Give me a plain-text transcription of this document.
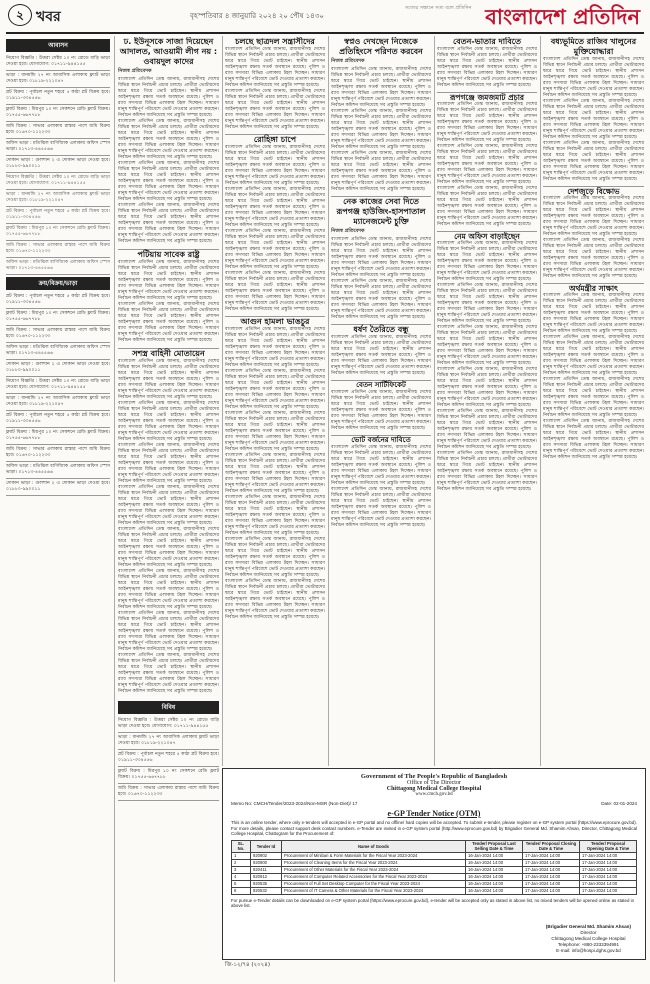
২ খবর	বৃহস্পতিবার ৪ জানুয়ারি ২০২৪ ২০ পৌষ ১৪৩০
সত্যের সন্ধানে সত্য বলে প্রতিদিন বাংলাদেশ প্রতিদিন
আবাসন
নিয়োগ বিজ্ঞপ্তি : উত্তরা সেক্টর ১০ নং রোডে বাড়ি ভাড়া দেওয়া হবে। যোগাযোগ: ০১৭১১-৯৪৪১৫৫
ভাড়া : ধানমন্ডি ২৭ নং আবাসিক এলাকায় ফ্ল্যাট ভাড়া দেওয়া হবে। ০১৮১৯-২২১০৪৭
প্লট বিক্রয় : পূর্বাচল নতুন শহরে ৫ কাঠা প্লট বিক্রয় হবে। ০১৯১১-৩৩৪৫৫৬
ফ্ল্যাট বিক্রয় : মিরপুর ১০ নং সেকশনে রেডি ফ্ল্যাট বিক্রয়। ০১৭৫৫-৬৬৭৭৮৮
জমি বিক্রয় : সাভার এলাকায় রাস্তার পাশে জমি বিক্রয় হবে। ০১৬৭০-১১২২৩৩
অফিস ভাড়া : মতিঝিল বাণিজ্যিক এলাকায় অফিস স্পেস ভাড়া। ০১৭১৩-৪৪৫৫৬৬
দোকান ভাড়া : গুলশান ২ এ দোকান ভাড়া দেওয়া হবে। ০১৮৮০-৯৯০০১১
নিয়োগ বিজ্ঞপ্তি : উত্তরা সেক্টর ১০ নং রোডে বাড়ি ভাড়া দেওয়া হবে। যোগাযোগ: ০১৭১১-৯৪৪১৫৫
ভাড়া : ধানমন্ডি ২৭ নং আবাসিক এলাকায় ফ্ল্যাট ভাড়া দেওয়া হবে। ০১৮১৯-২২১০৪৭
প্লট বিক্রয় : পূর্বাচল নতুন শহরে ৫ কাঠা প্লট বিক্রয় হবে। ০১৯১১-৩৩৪৫৫৬
ফ্ল্যাট বিক্রয় : মিরপুর ১০ নং সেকশনে রেডি ফ্ল্যাট বিক্রয়। ০১৭৫৫-৬৬৭৭৮৮
জমি বিক্রয় : সাভার এলাকায় রাস্তার পাশে জমি বিক্রয় হবে। ০১৬৭০-১১২২৩৩
অফিস ভাড়া : মতিঝিল বাণিজ্যিক এলাকায় অফিস স্পেস ভাড়া। ০১৭১৩-৪৪৫৫৬৬
ক্রয়/বিক্রয়/ভাড়া
প্লট বিক্রয় : পূর্বাচল নতুন শহরে ৫ কাঠা প্লট বিক্রয় হবে। ০১৯১১-৩৩৪৫৫৬
ফ্ল্যাট বিক্রয় : মিরপুর ১০ নং সেকশনে রেডি ফ্ল্যাট বিক্রয়। ০১৭৫৫-৬৬৭৭৮৮
জমি বিক্রয় : সাভার এলাকায় রাস্তার পাশে জমি বিক্রয় হবে। ০১৬৭০-১১২২৩৩
অফিস ভাড়া : মতিঝিল বাণিজ্যিক এলাকায় অফিস স্পেস ভাড়া। ০১৭১৩-৪৪৫৫৬৬
দোকান ভাড়া : গুলশান ২ এ দোকান ভাড়া দেওয়া হবে। ০১৮৮০-৯৯০০১১
নিয়োগ বিজ্ঞপ্তি : উত্তরা সেক্টর ১০ নং রোডে বাড়ি ভাড়া দেওয়া হবে। যোগাযোগ: ০১৭১১-৯৪৪১৫৫
ভাড়া : ধানমন্ডি ২৭ নং আবাসিক এলাকায় ফ্ল্যাট ভাড়া দেওয়া হবে। ০১৮১৯-২২১০৪৭
প্লট বিক্রয় : পূর্বাচল নতুন শহরে ৫ কাঠা প্লট বিক্রয় হবে। ০১৯১১-৩৩৪৫৫৬
ফ্ল্যাট বিক্রয় : মিরপুর ১০ নং সেকশনে রেডি ফ্ল্যাট বিক্রয়। ০১৭৫৫-৬৬৭৭৮৮
জমি বিক্রয় : সাভার এলাকায় রাস্তার পাশে জমি বিক্রয় হবে। ০১৬৭০-১১২২৩৩
অফিস ভাড়া : মতিঝিল বাণিজ্যিক এলাকায় অফিস স্পেস ভাড়া। ০১৭১৩-৪৪৫৫৬৬
দোকান ভাড়া : গুলশান ২ এ দোকান ভাড়া দেওয়া হবে। ০১৮৮০-৯৯০০১১
ঢ. ইউনূসকে সাজা দিয়েছেন আদালত, আওয়ামী লীগ নয় : ওবায়দুল কাদের
নিজস্ব প্রতিবেদক
বাংলাদেশ প্রতিদিন ডেস্ক জানায়, রাজধানীসহ দেশের বিভিন্ন স্থানে নির্বাচনী প্রচার চলছে। প্রার্থীরা ভোটারদের দ্বারে দ্বারে গিয়ে ভোট চাইছেন। স্থানীয় প্রশাসন আইনশৃঙ্খলা রক্ষায় সতর্ক অবস্থানে রয়েছে। পুলিশ ও র‍্যাব সদস্যরা বিভিন্ন এলাকায় টহল দিচ্ছেন। সাধারণ মানুষ শান্তিপূর্ণ পরিবেশে ভোট দেওয়ার প্রত্যাশা করছেন। নির্বাচন কমিশন জানিয়েছে সব প্রস্তুতি সম্পন্ন হয়েছে।
বাংলাদেশ প্রতিদিন ডেস্ক জানায়, রাজধানীসহ দেশের বিভিন্ন স্থানে নির্বাচনী প্রচার চলছে। প্রার্থীরা ভোটারদের দ্বারে দ্বারে গিয়ে ভোট চাইছেন। স্থানীয় প্রশাসন আইনশৃঙ্খলা রক্ষায় সতর্ক অবস্থানে রয়েছে। পুলিশ ও র‍্যাব সদস্যরা বিভিন্ন এলাকায় টহল দিচ্ছেন। সাধারণ মানুষ শান্তিপূর্ণ পরিবেশে ভোট দেওয়ার প্রত্যাশা করছেন। নির্বাচন কমিশন জানিয়েছে সব প্রস্তুতি সম্পন্ন হয়েছে।
বাংলাদেশ প্রতিদিন ডেস্ক জানায়, রাজধানীসহ দেশের বিভিন্ন স্থানে নির্বাচনী প্রচার চলছে। প্রার্থীরা ভোটারদের দ্বারে দ্বারে গিয়ে ভোট চাইছেন। স্থানীয় প্রশাসন আইনশৃঙ্খলা রক্ষায় সতর্ক অবস্থানে রয়েছে। পুলিশ ও র‍্যাব সদস্যরা বিভিন্ন এলাকায় টহল দিচ্ছেন। সাধারণ মানুষ শান্তিপূর্ণ পরিবেশে ভোট দেওয়ার প্রত্যাশা করছেন। নির্বাচন কমিশন জানিয়েছে সব প্রস্তুতি সম্পন্ন হয়েছে।
বাংলাদেশ প্রতিদিন ডেস্ক জানায়, রাজধানীসহ দেশের বিভিন্ন স্থানে নির্বাচনী প্রচার চলছে। প্রার্থীরা ভোটারদের দ্বারে দ্বারে গিয়ে ভোট চাইছেন। স্থানীয় প্রশাসন আইনশৃঙ্খলা রক্ষায় সতর্ক অবস্থানে রয়েছে। পুলিশ ও র‍্যাব সদস্যরা বিভিন্ন এলাকায় টহল দিচ্ছেন। সাধারণ মানুষ শান্তিপূর্ণ পরিবেশে ভোট দেওয়ার প্রত্যাশা করছেন। নির্বাচন কমিশন জানিয়েছে সব প্রস্তুতি সম্পন্ন হয়েছে।
পটিয়ায় সাবেক রাষ্ট্র
বাংলাদেশ প্রতিদিন ডেস্ক জানায়, রাজধানীসহ দেশের বিভিন্ন স্থানে নির্বাচনী প্রচার চলছে। প্রার্থীরা ভোটারদের দ্বারে দ্বারে গিয়ে ভোট চাইছেন। স্থানীয় প্রশাসন আইনশৃঙ্খলা রক্ষায় সতর্ক অবস্থানে রয়েছে। পুলিশ ও র‍্যাব সদস্যরা বিভিন্ন এলাকায় টহল দিচ্ছেন। সাধারণ মানুষ শান্তিপূর্ণ পরিবেশে ভোট দেওয়ার প্রত্যাশা করছেন। নির্বাচন কমিশন জানিয়েছে সব প্রস্তুতি সম্পন্ন হয়েছে।
বাংলাদেশ প্রতিদিন ডেস্ক জানায়, রাজধানীসহ দেশের বিভিন্ন স্থানে নির্বাচনী প্রচার চলছে। প্রার্থীরা ভোটারদের দ্বারে দ্বারে গিয়ে ভোট চাইছেন। স্থানীয় প্রশাসন আইনশৃঙ্খলা রক্ষায় সতর্ক অবস্থানে রয়েছে। পুলিশ ও র‍্যাব সদস্যরা বিভিন্ন এলাকায় টহল দিচ্ছেন। সাধারণ মানুষ শান্তিপূর্ণ পরিবেশে ভোট দেওয়ার প্রত্যাশা করছেন। নির্বাচন কমিশন জানিয়েছে সব প্রস্তুতি সম্পন্ন হয়েছে।
সশস্ত্র বাহিনী মোতায়েন
বাংলাদেশ প্রতিদিন ডেস্ক জানায়, রাজধানীসহ দেশের বিভিন্ন স্থানে নির্বাচনী প্রচার চলছে। প্রার্থীরা ভোটারদের দ্বারে দ্বারে গিয়ে ভোট চাইছেন। স্থানীয় প্রশাসন আইনশৃঙ্খলা রক্ষায় সতর্ক অবস্থানে রয়েছে। পুলিশ ও র‍্যাব সদস্যরা বিভিন্ন এলাকায় টহল দিচ্ছেন। সাধারণ মানুষ শান্তিপূর্ণ পরিবেশে ভোট দেওয়ার প্রত্যাশা করছেন। নির্বাচন কমিশন জানিয়েছে সব প্রস্তুতি সম্পন্ন হয়েছে।
বাংলাদেশ প্রতিদিন ডেস্ক জানায়, রাজধানীসহ দেশের বিভিন্ন স্থানে নির্বাচনী প্রচার চলছে। প্রার্থীরা ভোটারদের দ্বারে দ্বারে গিয়ে ভোট চাইছেন। স্থানীয় প্রশাসন আইনশৃঙ্খলা রক্ষায় সতর্ক অবস্থানে রয়েছে। পুলিশ ও র‍্যাব সদস্যরা বিভিন্ন এলাকায় টহল দিচ্ছেন। সাধারণ মানুষ শান্তিপূর্ণ পরিবেশে ভোট দেওয়ার প্রত্যাশা করছেন। নির্বাচন কমিশন জানিয়েছে সব প্রস্তুতি সম্পন্ন হয়েছে।
বাংলাদেশ প্রতিদিন ডেস্ক জানায়, রাজধানীসহ দেশের বিভিন্ন স্থানে নির্বাচনী প্রচার চলছে। প্রার্থীরা ভোটারদের দ্বারে দ্বারে গিয়ে ভোট চাইছেন। স্থানীয় প্রশাসন আইনশৃঙ্খলা রক্ষায় সতর্ক অবস্থানে রয়েছে। পুলিশ ও র‍্যাব সদস্যরা বিভিন্ন এলাকায় টহল দিচ্ছেন। সাধারণ মানুষ শান্তিপূর্ণ পরিবেশে ভোট দেওয়ার প্রত্যাশা করছেন। নির্বাচন কমিশন জানিয়েছে সব প্রস্তুতি সম্পন্ন হয়েছে।
বাংলাদেশ প্রতিদিন ডেস্ক জানায়, রাজধানীসহ দেশের বিভিন্ন স্থানে নির্বাচনী প্রচার চলছে। প্রার্থীরা ভোটারদের দ্বারে দ্বারে গিয়ে ভোট চাইছেন। স্থানীয় প্রশাসন আইনশৃঙ্খলা রক্ষায় সতর্ক অবস্থানে রয়েছে। পুলিশ ও র‍্যাব সদস্যরা বিভিন্ন এলাকায় টহল দিচ্ছেন। সাধারণ মানুষ শান্তিপূর্ণ পরিবেশে ভোট দেওয়ার প্রত্যাশা করছেন। নির্বাচন কমিশন জানিয়েছে সব প্রস্তুতি সম্পন্ন হয়েছে।
বাংলাদেশ প্রতিদিন ডেস্ক জানায়, রাজধানীসহ দেশের বিভিন্ন স্থানে নির্বাচনী প্রচার চলছে। প্রার্থীরা ভোটারদের দ্বারে দ্বারে গিয়ে ভোট চাইছেন। স্থানীয় প্রশাসন আইনশৃঙ্খলা রক্ষায় সতর্ক অবস্থানে রয়েছে। পুলিশ ও র‍্যাব সদস্যরা বিভিন্ন এলাকায় টহল দিচ্ছেন। সাধারণ মানুষ শান্তিপূর্ণ পরিবেশে ভোট দেওয়ার প্রত্যাশা করছেন। নির্বাচন কমিশন জানিয়েছে সব প্রস্তুতি সম্পন্ন হয়েছে।
বাংলাদেশ প্রতিদিন ডেস্ক জানায়, রাজধানীসহ দেশের বিভিন্ন স্থানে নির্বাচনী প্রচার চলছে। প্রার্থীরা ভোটারদের দ্বারে দ্বারে গিয়ে ভোট চাইছেন। স্থানীয় প্রশাসন আইনশৃঙ্খলা রক্ষায় সতর্ক অবস্থানে রয়েছে। পুলিশ ও র‍্যাব সদস্যরা বিভিন্ন এলাকায় টহল দিচ্ছেন। সাধারণ মানুষ শান্তিপূর্ণ পরিবেশে ভোট দেওয়ার প্রত্যাশা করছেন। নির্বাচন কমিশন জানিয়েছে সব প্রস্তুতি সম্পন্ন হয়েছে।
বাংলাদেশ প্রতিদিন ডেস্ক জানায়, রাজধানীসহ দেশের বিভিন্ন স্থানে নির্বাচনী প্রচার চলছে। প্রার্থীরা ভোটারদের দ্বারে দ্বারে গিয়ে ভোট চাইছেন। স্থানীয় প্রশাসন আইনশৃঙ্খলা রক্ষায় সতর্ক অবস্থানে রয়েছে। পুলিশ ও র‍্যাব সদস্যরা বিভিন্ন এলাকায় টহল দিচ্ছেন। সাধারণ মানুষ শান্তিপূর্ণ পরিবেশে ভোট দেওয়ার প্রত্যাশা করছেন। নির্বাচন কমিশন জানিয়েছে সব প্রস্তুতি সম্পন্ন হয়েছে।
বাংলাদেশ প্রতিদিন ডেস্ক জানায়, রাজধানীসহ দেশের বিভিন্ন স্থানে নির্বাচনী প্রচার চলছে। প্রার্থীরা ভোটারদের দ্বারে দ্বারে গিয়ে ভোট চাইছেন। স্থানীয় প্রশাসন আইনশৃঙ্খলা রক্ষায় সতর্ক অবস্থানে রয়েছে। পুলিশ ও র‍্যাব সদস্যরা বিভিন্ন এলাকায় টহল দিচ্ছেন। সাধারণ মানুষ শান্তিপূর্ণ পরিবেশে ভোট দেওয়ার প্রত্যাশা করছেন। নির্বাচন কমিশন জানিয়েছে সব প্রস্তুতি সম্পন্ন হয়েছে।
বিবিধ
নিয়োগ বিজ্ঞপ্তি : উত্তরা সেক্টর ১০ নং রোডে বাড়ি ভাড়া দেওয়া হবে। যোগাযোগ: ০১৭১১-৯৪৪১৫৫
ভাড়া : ধানমন্ডি ২৭ নং আবাসিক এলাকায় ফ্ল্যাট ভাড়া দেওয়া হবে। ০১৮১৯-২২১০৪৭
প্লট বিক্রয় : পূর্বাচল নতুন শহরে ৫ কাঠা প্লট বিক্রয় হবে। ০১৯১১-৩৩৪৫৫৬
ফ্ল্যাট বিক্রয় : মিরপুর ১০ নং সেকশনে রেডি ফ্ল্যাট বিক্রয়। ০১৭৫৫-৬৬৭৭৮৮
জমি বিক্রয় : সাভার এলাকায় রাস্তার পাশে জমি বিক্রয় হবে। ০১৬৭০-১১২২৩৩
চলছে ছাত্রদল সন্ত্রাসীদের
বাংলাদেশ প্রতিদিন ডেস্ক জানায়, রাজধানীসহ দেশের বিভিন্ন স্থানে নির্বাচনী প্রচার চলছে। প্রার্থীরা ভোটারদের দ্বারে দ্বারে গিয়ে ভোট চাইছেন। স্থানীয় প্রশাসন আইনশৃঙ্খলা রক্ষায় সতর্ক অবস্থানে রয়েছে। পুলিশ ও র‍্যাব সদস্যরা বিভিন্ন এলাকায় টহল দিচ্ছেন। সাধারণ মানুষ শান্তিপূর্ণ পরিবেশে ভোট দেওয়ার প্রত্যাশা করছেন। নির্বাচন কমিশন জানিয়েছে সব প্রস্তুতি সম্পন্ন হয়েছে।
বাংলাদেশ প্রতিদিন ডেস্ক জানায়, রাজধানীসহ দেশের বিভিন্ন স্থানে নির্বাচনী প্রচার চলছে। প্রার্থীরা ভোটারদের দ্বারে দ্বারে গিয়ে ভোট চাইছেন। স্থানীয় প্রশাসন আইনশৃঙ্খলা রক্ষায় সতর্ক অবস্থানে রয়েছে। পুলিশ ও র‍্যাব সদস্যরা বিভিন্ন এলাকায় টহল দিচ্ছেন। সাধারণ মানুষ শান্তিপূর্ণ পরিবেশে ভোট দেওয়ার প্রত্যাশা করছেন। নির্বাচন কমিশন জানিয়েছে সব প্রস্তুতি সম্পন্ন হয়েছে।
রোহিঙ্গা চাপে
বাংলাদেশ প্রতিদিন ডেস্ক জানায়, রাজধানীসহ দেশের বিভিন্ন স্থানে নির্বাচনী প্রচার চলছে। প্রার্থীরা ভোটারদের দ্বারে দ্বারে গিয়ে ভোট চাইছেন। স্থানীয় প্রশাসন আইনশৃঙ্খলা রক্ষায় সতর্ক অবস্থানে রয়েছে। পুলিশ ও র‍্যাব সদস্যরা বিভিন্ন এলাকায় টহল দিচ্ছেন। সাধারণ মানুষ শান্তিপূর্ণ পরিবেশে ভোট দেওয়ার প্রত্যাশা করছেন। নির্বাচন কমিশন জানিয়েছে সব প্রস্তুতি সম্পন্ন হয়েছে।
বাংলাদেশ প্রতিদিন ডেস্ক জানায়, রাজধানীসহ দেশের বিভিন্ন স্থানে নির্বাচনী প্রচার চলছে। প্রার্থীরা ভোটারদের দ্বারে দ্বারে গিয়ে ভোট চাইছেন। স্থানীয় প্রশাসন আইনশৃঙ্খলা রক্ষায় সতর্ক অবস্থানে রয়েছে। পুলিশ ও র‍্যাব সদস্যরা বিভিন্ন এলাকায় টহল দিচ্ছেন। সাধারণ মানুষ শান্তিপূর্ণ পরিবেশে ভোট দেওয়ার প্রত্যাশা করছেন। নির্বাচন কমিশন জানিয়েছে সব প্রস্তুতি সম্পন্ন হয়েছে।
বাংলাদেশ প্রতিদিন ডেস্ক জানায়, রাজধানীসহ দেশের বিভিন্ন স্থানে নির্বাচনী প্রচার চলছে। প্রার্থীরা ভোটারদের দ্বারে দ্বারে গিয়ে ভোট চাইছেন। স্থানীয় প্রশাসন আইনশৃঙ্খলা রক্ষায় সতর্ক অবস্থানে রয়েছে। পুলিশ ও র‍্যাব সদস্যরা বিভিন্ন এলাকায় টহল দিচ্ছেন। সাধারণ মানুষ শান্তিপূর্ণ পরিবেশে ভোট দেওয়ার প্রত্যাশা করছেন। নির্বাচন কমিশন জানিয়েছে সব প্রস্তুতি সম্পন্ন হয়েছে।
বাংলাদেশ প্রতিদিন ডেস্ক জানায়, রাজধানীসহ দেশের বিভিন্ন স্থানে নির্বাচনী প্রচার চলছে। প্রার্থীরা ভোটারদের দ্বারে দ্বারে গিয়ে ভোট চাইছেন। স্থানীয় প্রশাসন আইনশৃঙ্খলা রক্ষায় সতর্ক অবস্থানে রয়েছে। পুলিশ ও র‍্যাব সদস্যরা বিভিন্ন এলাকায় টহল দিচ্ছেন। সাধারণ মানুষ শান্তিপূর্ণ পরিবেশে ভোট দেওয়ার প্রত্যাশা করছেন। নির্বাচন কমিশন জানিয়েছে সব প্রস্তুতি সম্পন্ন হয়েছে।
আগুন হামলা ভাঙচুর
বাংলাদেশ প্রতিদিন ডেস্ক জানায়, রাজধানীসহ দেশের বিভিন্ন স্থানে নির্বাচনী প্রচার চলছে। প্রার্থীরা ভোটারদের দ্বারে দ্বারে গিয়ে ভোট চাইছেন। স্থানীয় প্রশাসন আইনশৃঙ্খলা রক্ষায় সতর্ক অবস্থানে রয়েছে। পুলিশ ও র‍্যাব সদস্যরা বিভিন্ন এলাকায় টহল দিচ্ছেন। সাধারণ মানুষ শান্তিপূর্ণ পরিবেশে ভোট দেওয়ার প্রত্যাশা করছেন। নির্বাচন কমিশন জানিয়েছে সব প্রস্তুতি সম্পন্ন হয়েছে।
বাংলাদেশ প্রতিদিন ডেস্ক জানায়, রাজধানীসহ দেশের বিভিন্ন স্থানে নির্বাচনী প্রচার চলছে। প্রার্থীরা ভোটারদের দ্বারে দ্বারে গিয়ে ভোট চাইছেন। স্থানীয় প্রশাসন আইনশৃঙ্খলা রক্ষায় সতর্ক অবস্থানে রয়েছে। পুলিশ ও র‍্যাব সদস্যরা বিভিন্ন এলাকায় টহল দিচ্ছেন। সাধারণ মানুষ শান্তিপূর্ণ পরিবেশে ভোট দেওয়ার প্রত্যাশা করছেন। নির্বাচন কমিশন জানিয়েছে সব প্রস্তুতি সম্পন্ন হয়েছে।
বাংলাদেশ প্রতিদিন ডেস্ক জানায়, রাজধানীসহ দেশের বিভিন্ন স্থানে নির্বাচনী প্রচার চলছে। প্রার্থীরা ভোটারদের দ্বারে দ্বারে গিয়ে ভোট চাইছেন। স্থানীয় প্রশাসন আইনশৃঙ্খলা রক্ষায় সতর্ক অবস্থানে রয়েছে। পুলিশ ও র‍্যাব সদস্যরা বিভিন্ন এলাকায় টহল দিচ্ছেন। সাধারণ মানুষ শান্তিপূর্ণ পরিবেশে ভোট দেওয়ার প্রত্যাশা করছেন। নির্বাচন কমিশন জানিয়েছে সব প্রস্তুতি সম্পন্ন হয়েছে।
বাংলাদেশ প্রতিদিন ডেস্ক জানায়, রাজধানীসহ দেশের বিভিন্ন স্থানে নির্বাচনী প্রচার চলছে। প্রার্থীরা ভোটারদের দ্বারে দ্বারে গিয়ে ভোট চাইছেন। স্থানীয় প্রশাসন আইনশৃঙ্খলা রক্ষায় সতর্ক অবস্থানে রয়েছে। পুলিশ ও র‍্যাব সদস্যরা বিভিন্ন এলাকায় টহল দিচ্ছেন। সাধারণ মানুষ শান্তিপূর্ণ পরিবেশে ভোট দেওয়ার প্রত্যাশা করছেন। নির্বাচন কমিশন জানিয়েছে সব প্রস্তুতি সম্পন্ন হয়েছে।
বাংলাদেশ প্রতিদিন ডেস্ক জানায়, রাজধানীসহ দেশের বিভিন্ন স্থানে নির্বাচনী প্রচার চলছে। প্রার্থীরা ভোটারদের দ্বারে দ্বারে গিয়ে ভোট চাইছেন। স্থানীয় প্রশাসন আইনশৃঙ্খলা রক্ষায় সতর্ক অবস্থানে রয়েছে। পুলিশ ও র‍্যাব সদস্যরা বিভিন্ন এলাকায় টহল দিচ্ছেন। সাধারণ মানুষ শান্তিপূর্ণ পরিবেশে ভোট দেওয়ার প্রত্যাশা করছেন। নির্বাচন কমিশন জানিয়েছে সব প্রস্তুতি সম্পন্ন হয়েছে।
বাংলাদেশ প্রতিদিন ডেস্ক জানায়, রাজধানীসহ দেশের বিভিন্ন স্থানে নির্বাচনী প্রচার চলছে। প্রার্থীরা ভোটারদের দ্বারে দ্বারে গিয়ে ভোট চাইছেন। স্থানীয় প্রশাসন আইনশৃঙ্খলা রক্ষায় সতর্ক অবস্থানে রয়েছে। পুলিশ ও র‍্যাব সদস্যরা বিভিন্ন এলাকায় টহল দিচ্ছেন। সাধারণ মানুষ শান্তিপূর্ণ পরিবেশে ভোট দেওয়ার প্রত্যাশা করছেন। নির্বাচন কমিশন জানিয়েছে সব প্রস্তুতি সম্পন্ন হয়েছে।
বাংলাদেশ প্রতিদিন ডেস্ক জানায়, রাজধানীসহ দেশের বিভিন্ন স্থানে নির্বাচনী প্রচার চলছে। প্রার্থীরা ভোটারদের দ্বারে দ্বারে গিয়ে ভোট চাইছেন। স্থানীয় প্রশাসন আইনশৃঙ্খলা রক্ষায় সতর্ক অবস্থানে রয়েছে। পুলিশ ও র‍্যাব সদস্যরা বিভিন্ন এলাকায় টহল দিচ্ছেন। সাধারণ মানুষ শান্তিপূর্ণ পরিবেশে ভোট দেওয়ার প্রত্যাশা করছেন। নির্বাচন কমিশন জানিয়েছে সব প্রস্তুতি সম্পন্ন হয়েছে।
স্বপ্নও দেখছেন নিজেকে প্রতিহিংসে পরিণত করবেন
নিজস্ব প্রতিবেদক
বাংলাদেশ প্রতিদিন ডেস্ক জানায়, রাজধানীসহ দেশের বিভিন্ন স্থানে নির্বাচনী প্রচার চলছে। প্রার্থীরা ভোটারদের দ্বারে দ্বারে গিয়ে ভোট চাইছেন। স্থানীয় প্রশাসন আইনশৃঙ্খলা রক্ষায় সতর্ক অবস্থানে রয়েছে। পুলিশ ও র‍্যাব সদস্যরা বিভিন্ন এলাকায় টহল দিচ্ছেন। সাধারণ মানুষ শান্তিপূর্ণ পরিবেশে ভোট দেওয়ার প্রত্যাশা করছেন। নির্বাচন কমিশন জানিয়েছে সব প্রস্তুতি সম্পন্ন হয়েছে।
বাংলাদেশ প্রতিদিন ডেস্ক জানায়, রাজধানীসহ দেশের বিভিন্ন স্থানে নির্বাচনী প্রচার চলছে। প্রার্থীরা ভোটারদের দ্বারে দ্বারে গিয়ে ভোট চাইছেন। স্থানীয় প্রশাসন আইনশৃঙ্খলা রক্ষায় সতর্ক অবস্থানে রয়েছে। পুলিশ ও র‍্যাব সদস্যরা বিভিন্ন এলাকায় টহল দিচ্ছেন। সাধারণ মানুষ শান্তিপূর্ণ পরিবেশে ভোট দেওয়ার প্রত্যাশা করছেন। নির্বাচন কমিশন জানিয়েছে সব প্রস্তুতি সম্পন্ন হয়েছে।
বাংলাদেশ প্রতিদিন ডেস্ক জানায়, রাজধানীসহ দেশের বিভিন্ন স্থানে নির্বাচনী প্রচার চলছে। প্রার্থীরা ভোটারদের দ্বারে দ্বারে গিয়ে ভোট চাইছেন। স্থানীয় প্রশাসন আইনশৃঙ্খলা রক্ষায় সতর্ক অবস্থানে রয়েছে। পুলিশ ও র‍্যাব সদস্যরা বিভিন্ন এলাকায় টহল দিচ্ছেন। সাধারণ মানুষ শান্তিপূর্ণ পরিবেশে ভোট দেওয়ার প্রত্যাশা করছেন। নির্বাচন কমিশন জানিয়েছে সব প্রস্তুতি সম্পন্ন হয়েছে।
নেক কাজের সেবা দিতে রূপগঞ্জ হাউজিং-হাসপাতাল ম্যানেজমেন্ট চুক্তি
নিজস্ব প্রতিবেদক
বাংলাদেশ প্রতিদিন ডেস্ক জানায়, রাজধানীসহ দেশের বিভিন্ন স্থানে নির্বাচনী প্রচার চলছে। প্রার্থীরা ভোটারদের দ্বারে দ্বারে গিয়ে ভোট চাইছেন। স্থানীয় প্রশাসন আইনশৃঙ্খলা রক্ষায় সতর্ক অবস্থানে রয়েছে। পুলিশ ও র‍্যাব সদস্যরা বিভিন্ন এলাকায় টহল দিচ্ছেন। সাধারণ মানুষ শান্তিপূর্ণ পরিবেশে ভোট দেওয়ার প্রত্যাশা করছেন। নির্বাচন কমিশন জানিয়েছে সব প্রস্তুতি সম্পন্ন হয়েছে।
বাংলাদেশ প্রতিদিন ডেস্ক জানায়, রাজধানীসহ দেশের বিভিন্ন স্থানে নির্বাচনী প্রচার চলছে। প্রার্থীরা ভোটারদের দ্বারে দ্বারে গিয়ে ভোট চাইছেন। স্থানীয় প্রশাসন আইনশৃঙ্খলা রক্ষায় সতর্ক অবস্থানে রয়েছে। পুলিশ ও র‍্যাব সদস্যরা বিভিন্ন এলাকায় টহল দিচ্ছেন। সাধারণ মানুষ শান্তিপূর্ণ পরিবেশে ভোট দেওয়ার প্রত্যাশা করছেন। নির্বাচন কমিশন জানিয়েছে সব প্রস্তুতি সম্পন্ন হয়েছে।
ধর্ষণ তৈরিতে বন্ধু
বাংলাদেশ প্রতিদিন ডেস্ক জানায়, রাজধানীসহ দেশের বিভিন্ন স্থানে নির্বাচনী প্রচার চলছে। প্রার্থীরা ভোটারদের দ্বারে দ্বারে গিয়ে ভোট চাইছেন। স্থানীয় প্রশাসন আইনশৃঙ্খলা রক্ষায় সতর্ক অবস্থানে রয়েছে। পুলিশ ও র‍্যাব সদস্যরা বিভিন্ন এলাকায় টহল দিচ্ছেন। সাধারণ মানুষ শান্তিপূর্ণ পরিবেশে ভোট দেওয়ার প্রত্যাশা করছেন। নির্বাচন কমিশন জানিয়েছে সব প্রস্তুতি সম্পন্ন হয়েছে।
বেতন সার্টিফিকেট
বাংলাদেশ প্রতিদিন ডেস্ক জানায়, রাজধানীসহ দেশের বিভিন্ন স্থানে নির্বাচনী প্রচার চলছে। প্রার্থীরা ভোটারদের দ্বারে দ্বারে গিয়ে ভোট চাইছেন। স্থানীয় প্রশাসন আইনশৃঙ্খলা রক্ষায় সতর্ক অবস্থানে রয়েছে। পুলিশ ও র‍্যাব সদস্যরা বিভিন্ন এলাকায় টহল দিচ্ছেন। সাধারণ মানুষ শান্তিপূর্ণ পরিবেশে ভোট দেওয়ার প্রত্যাশা করছেন। নির্বাচন কমিশন জানিয়েছে সব প্রস্তুতি সম্পন্ন হয়েছে।
ভোট বর্জনের দাবিতে
বাংলাদেশ প্রতিদিন ডেস্ক জানায়, রাজধানীসহ দেশের বিভিন্ন স্থানে নির্বাচনী প্রচার চলছে। প্রার্থীরা ভোটারদের দ্বারে দ্বারে গিয়ে ভোট চাইছেন। স্থানীয় প্রশাসন আইনশৃঙ্খলা রক্ষায় সতর্ক অবস্থানে রয়েছে। পুলিশ ও র‍্যাব সদস্যরা বিভিন্ন এলাকায় টহল দিচ্ছেন। সাধারণ মানুষ শান্তিপূর্ণ পরিবেশে ভোট দেওয়ার প্রত্যাশা করছেন। নির্বাচন কমিশন জানিয়েছে সব প্রস্তুতি সম্পন্ন হয়েছে।
বাংলাদেশ প্রতিদিন ডেস্ক জানায়, রাজধানীসহ দেশের বিভিন্ন স্থানে নির্বাচনী প্রচার চলছে। প্রার্থীরা ভোটারদের দ্বারে দ্বারে গিয়ে ভোট চাইছেন। স্থানীয় প্রশাসন আইনশৃঙ্খলা রক্ষায় সতর্ক অবস্থানে রয়েছে। পুলিশ ও র‍্যাব সদস্যরা বিভিন্ন এলাকায় টহল দিচ্ছেন। সাধারণ মানুষ শান্তিপূর্ণ পরিবেশে ভোট দেওয়ার প্রত্যাশা করছেন। নির্বাচন কমিশন জানিয়েছে সব প্রস্তুতি সম্পন্ন হয়েছে।
বেতন-ভাতার দাবিতে
বাংলাদেশ প্রতিদিন ডেস্ক জানায়, রাজধানীসহ দেশের বিভিন্ন স্থানে নির্বাচনী প্রচার চলছে। প্রার্থীরা ভোটারদের দ্বারে দ্বারে গিয়ে ভোট চাইছেন। স্থানীয় প্রশাসন আইনশৃঙ্খলা রক্ষায় সতর্ক অবস্থানে রয়েছে। পুলিশ ও র‍্যাব সদস্যরা বিভিন্ন এলাকায় টহল দিচ্ছেন। সাধারণ মানুষ শান্তিপূর্ণ পরিবেশে ভোট দেওয়ার প্রত্যাশা করছেন। নির্বাচন কমিশন জানিয়েছে সব প্রস্তুতি সম্পন্ন হয়েছে।
রূপগঞ্জে জমজমাট প্রচার
বাংলাদেশ প্রতিদিন ডেস্ক জানায়, রাজধানীসহ দেশের বিভিন্ন স্থানে নির্বাচনী প্রচার চলছে। প্রার্থীরা ভোটারদের দ্বারে দ্বারে গিয়ে ভোট চাইছেন। স্থানীয় প্রশাসন আইনশৃঙ্খলা রক্ষায় সতর্ক অবস্থানে রয়েছে। পুলিশ ও র‍্যাব সদস্যরা বিভিন্ন এলাকায় টহল দিচ্ছেন। সাধারণ মানুষ শান্তিপূর্ণ পরিবেশে ভোট দেওয়ার প্রত্যাশা করছেন। নির্বাচন কমিশন জানিয়েছে সব প্রস্তুতি সম্পন্ন হয়েছে।
বাংলাদেশ প্রতিদিন ডেস্ক জানায়, রাজধানীসহ দেশের বিভিন্ন স্থানে নির্বাচনী প্রচার চলছে। প্রার্থীরা ভোটারদের দ্বারে দ্বারে গিয়ে ভোট চাইছেন। স্থানীয় প্রশাসন আইনশৃঙ্খলা রক্ষায় সতর্ক অবস্থানে রয়েছে। পুলিশ ও র‍্যাব সদস্যরা বিভিন্ন এলাকায় টহল দিচ্ছেন। সাধারণ মানুষ শান্তিপূর্ণ পরিবেশে ভোট দেওয়ার প্রত্যাশা করছেন। নির্বাচন কমিশন জানিয়েছে সব প্রস্তুতি সম্পন্ন হয়েছে।
বাংলাদেশ প্রতিদিন ডেস্ক জানায়, রাজধানীসহ দেশের বিভিন্ন স্থানে নির্বাচনী প্রচার চলছে। প্রার্থীরা ভোটারদের দ্বারে দ্বারে গিয়ে ভোট চাইছেন। স্থানীয় প্রশাসন আইনশৃঙ্খলা রক্ষায় সতর্ক অবস্থানে রয়েছে। পুলিশ ও র‍্যাব সদস্যরা বিভিন্ন এলাকায় টহল দিচ্ছেন। সাধারণ মানুষ শান্তিপূর্ণ পরিবেশে ভোট দেওয়ার প্রত্যাশা করছেন। নির্বাচন কমিশন জানিয়েছে সব প্রস্তুতি সম্পন্ন হয়েছে।
নেম অফিস বাড়াইছেন
বাংলাদেশ প্রতিদিন ডেস্ক জানায়, রাজধানীসহ দেশের বিভিন্ন স্থানে নির্বাচনী প্রচার চলছে। প্রার্থীরা ভোটারদের দ্বারে দ্বারে গিয়ে ভোট চাইছেন। স্থানীয় প্রশাসন আইনশৃঙ্খলা রক্ষায় সতর্ক অবস্থানে রয়েছে। পুলিশ ও র‍্যাব সদস্যরা বিভিন্ন এলাকায় টহল দিচ্ছেন। সাধারণ মানুষ শান্তিপূর্ণ পরিবেশে ভোট দেওয়ার প্রত্যাশা করছেন। নির্বাচন কমিশন জানিয়েছে সব প্রস্তুতি সম্পন্ন হয়েছে।
বাংলাদেশ প্রতিদিন ডেস্ক জানায়, রাজধানীসহ দেশের বিভিন্ন স্থানে নির্বাচনী প্রচার চলছে। প্রার্থীরা ভোটারদের দ্বারে দ্বারে গিয়ে ভোট চাইছেন। স্থানীয় প্রশাসন আইনশৃঙ্খলা রক্ষায় সতর্ক অবস্থানে রয়েছে। পুলিশ ও র‍্যাব সদস্যরা বিভিন্ন এলাকায় টহল দিচ্ছেন। সাধারণ মানুষ শান্তিপূর্ণ পরিবেশে ভোট দেওয়ার প্রত্যাশা করছেন। নির্বাচন কমিশন জানিয়েছে সব প্রস্তুতি সম্পন্ন হয়েছে।
বাংলাদেশ প্রতিদিন ডেস্ক জানায়, রাজধানীসহ দেশের বিভিন্ন স্থানে নির্বাচনী প্রচার চলছে। প্রার্থীরা ভোটারদের দ্বারে দ্বারে গিয়ে ভোট চাইছেন। স্থানীয় প্রশাসন আইনশৃঙ্খলা রক্ষায় সতর্ক অবস্থানে রয়েছে। পুলিশ ও র‍্যাব সদস্যরা বিভিন্ন এলাকায় টহল দিচ্ছেন। সাধারণ মানুষ শান্তিপূর্ণ পরিবেশে ভোট দেওয়ার প্রত্যাশা করছেন। নির্বাচন কমিশন জানিয়েছে সব প্রস্তুতি সম্পন্ন হয়েছে।
বাংলাদেশ প্রতিদিন ডেস্ক জানায়, রাজধানীসহ দেশের বিভিন্ন স্থানে নির্বাচনী প্রচার চলছে। প্রার্থীরা ভোটারদের দ্বারে দ্বারে গিয়ে ভোট চাইছেন। স্থানীয় প্রশাসন আইনশৃঙ্খলা রক্ষায় সতর্ক অবস্থানে রয়েছে। পুলিশ ও র‍্যাব সদস্যরা বিভিন্ন এলাকায় টহল দিচ্ছেন। সাধারণ মানুষ শান্তিপূর্ণ পরিবেশে ভোট দেওয়ার প্রত্যাশা করছেন। নির্বাচন কমিশন জানিয়েছে সব প্রস্তুতি সম্পন্ন হয়েছে।
বাংলাদেশ প্রতিদিন ডেস্ক জানায়, রাজধানীসহ দেশের বিভিন্ন স্থানে নির্বাচনী প্রচার চলছে। প্রার্থীরা ভোটারদের দ্বারে দ্বারে গিয়ে ভোট চাইছেন। স্থানীয় প্রশাসন আইনশৃঙ্খলা রক্ষায় সতর্ক অবস্থানে রয়েছে। পুলিশ ও র‍্যাব সদস্যরা বিভিন্ন এলাকায় টহল দিচ্ছেন। সাধারণ মানুষ শান্তিপূর্ণ পরিবেশে ভোট দেওয়ার প্রত্যাশা করছেন। নির্বাচন কমিশন জানিয়েছে সব প্রস্তুতি সম্পন্ন হয়েছে।
বাংলাদেশ প্রতিদিন ডেস্ক জানায়, রাজধানীসহ দেশের বিভিন্ন স্থানে নির্বাচনী প্রচার চলছে। প্রার্থীরা ভোটারদের দ্বারে দ্বারে গিয়ে ভোট চাইছেন। স্থানীয় প্রশাসন আইনশৃঙ্খলা রক্ষায় সতর্ক অবস্থানে রয়েছে। পুলিশ ও র‍্যাব সদস্যরা বিভিন্ন এলাকায় টহল দিচ্ছেন। সাধারণ মানুষ শান্তিপূর্ণ পরিবেশে ভোট দেওয়ার প্রত্যাশা করছেন। নির্বাচন কমিশন জানিয়েছে সব প্রস্তুতি সম্পন্ন হয়েছে।
বধ্যভূমিতে রাজিব খালুনের মুক্তিযোদ্ধারা
বাংলাদেশ প্রতিদিন ডেস্ক জানায়, রাজধানীসহ দেশের বিভিন্ন স্থানে নির্বাচনী প্রচার চলছে। প্রার্থীরা ভোটারদের দ্বারে দ্বারে গিয়ে ভোট চাইছেন। স্থানীয় প্রশাসন আইনশৃঙ্খলা রক্ষায় সতর্ক অবস্থানে রয়েছে। পুলিশ ও র‍্যাব সদস্যরা বিভিন্ন এলাকায় টহল দিচ্ছেন। সাধারণ মানুষ শান্তিপূর্ণ পরিবেশে ভোট দেওয়ার প্রত্যাশা করছেন। নির্বাচন কমিশন জানিয়েছে সব প্রস্তুতি সম্পন্ন হয়েছে।
বাংলাদেশ প্রতিদিন ডেস্ক জানায়, রাজধানীসহ দেশের বিভিন্ন স্থানে নির্বাচনী প্রচার চলছে। প্রার্থীরা ভোটারদের দ্বারে দ্বারে গিয়ে ভোট চাইছেন। স্থানীয় প্রশাসন আইনশৃঙ্খলা রক্ষায় সতর্ক অবস্থানে রয়েছে। পুলিশ ও র‍্যাব সদস্যরা বিভিন্ন এলাকায় টহল দিচ্ছেন। সাধারণ মানুষ শান্তিপূর্ণ পরিবেশে ভোট দেওয়ার প্রত্যাশা করছেন। নির্বাচন কমিশন জানিয়েছে সব প্রস্তুতি সম্পন্ন হয়েছে।
বাংলাদেশ প্রতিদিন ডেস্ক জানায়, রাজধানীসহ দেশের বিভিন্ন স্থানে নির্বাচনী প্রচার চলছে। প্রার্থীরা ভোটারদের দ্বারে দ্বারে গিয়ে ভোট চাইছেন। স্থানীয় প্রশাসন আইনশৃঙ্খলা রক্ষায় সতর্ক অবস্থানে রয়েছে। পুলিশ ও র‍্যাব সদস্যরা বিভিন্ন এলাকায় টহল দিচ্ছেন। সাধারণ মানুষ শান্তিপূর্ণ পরিবেশে ভোট দেওয়ার প্রত্যাশা করছেন। নির্বাচন কমিশন জানিয়েছে সব প্রস্তুতি সম্পন্ন হয়েছে।
দেশজুড়ে বিক্ষোভ
বাংলাদেশ প্রতিদিন ডেস্ক জানায়, রাজধানীসহ দেশের বিভিন্ন স্থানে নির্বাচনী প্রচার চলছে। প্রার্থীরা ভোটারদের দ্বারে দ্বারে গিয়ে ভোট চাইছেন। স্থানীয় প্রশাসন আইনশৃঙ্খলা রক্ষায় সতর্ক অবস্থানে রয়েছে। পুলিশ ও র‍্যাব সদস্যরা বিভিন্ন এলাকায় টহল দিচ্ছেন। সাধারণ মানুষ শান্তিপূর্ণ পরিবেশে ভোট দেওয়ার প্রত্যাশা করছেন। নির্বাচন কমিশন জানিয়েছে সব প্রস্তুতি সম্পন্ন হয়েছে।
বাংলাদেশ প্রতিদিন ডেস্ক জানায়, রাজধানীসহ দেশের বিভিন্ন স্থানে নির্বাচনী প্রচার চলছে। প্রার্থীরা ভোটারদের দ্বারে দ্বারে গিয়ে ভোট চাইছেন। স্থানীয় প্রশাসন আইনশৃঙ্খলা রক্ষায় সতর্ক অবস্থানে রয়েছে। পুলিশ ও র‍্যাব সদস্যরা বিভিন্ন এলাকায় টহল দিচ্ছেন। সাধারণ মানুষ শান্তিপূর্ণ পরিবেশে ভোট দেওয়ার প্রত্যাশা করছেন। নির্বাচন কমিশন জানিয়েছে সব প্রস্তুতি সম্পন্ন হয়েছে।
অর্থমন্ত্রীর সাক্ষাৎ
বাংলাদেশ প্রতিদিন ডেস্ক জানায়, রাজধানীসহ দেশের বিভিন্ন স্থানে নির্বাচনী প্রচার চলছে। প্রার্থীরা ভোটারদের দ্বারে দ্বারে গিয়ে ভোট চাইছেন। স্থানীয় প্রশাসন আইনশৃঙ্খলা রক্ষায় সতর্ক অবস্থানে রয়েছে। পুলিশ ও র‍্যাব সদস্যরা বিভিন্ন এলাকায় টহল দিচ্ছেন। সাধারণ মানুষ শান্তিপূর্ণ পরিবেশে ভোট দেওয়ার প্রত্যাশা করছেন। নির্বাচন কমিশন জানিয়েছে সব প্রস্তুতি সম্পন্ন হয়েছে।
বাংলাদেশ প্রতিদিন ডেস্ক জানায়, রাজধানীসহ দেশের বিভিন্ন স্থানে নির্বাচনী প্রচার চলছে। প্রার্থীরা ভোটারদের দ্বারে দ্বারে গিয়ে ভোট চাইছেন। স্থানীয় প্রশাসন আইনশৃঙ্খলা রক্ষায় সতর্ক অবস্থানে রয়েছে। পুলিশ ও র‍্যাব সদস্যরা বিভিন্ন এলাকায় টহল দিচ্ছেন। সাধারণ মানুষ শান্তিপূর্ণ পরিবেশে ভোট দেওয়ার প্রত্যাশা করছেন। নির্বাচন কমিশন জানিয়েছে সব প্রস্তুতি সম্পন্ন হয়েছে।
বাংলাদেশ প্রতিদিন ডেস্ক জানায়, রাজধানীসহ দেশের বিভিন্ন স্থানে নির্বাচনী প্রচার চলছে। প্রার্থীরা ভোটারদের দ্বারে দ্বারে গিয়ে ভোট চাইছেন। স্থানীয় প্রশাসন আইনশৃঙ্খলা রক্ষায় সতর্ক অবস্থানে রয়েছে। পুলিশ ও র‍্যাব সদস্যরা বিভিন্ন এলাকায় টহল দিচ্ছেন। সাধারণ মানুষ শান্তিপূর্ণ পরিবেশে ভোট দেওয়ার প্রত্যাশা করছেন। নির্বাচন কমিশন জানিয়েছে সব প্রস্তুতি সম্পন্ন হয়েছে।
বাংলাদেশ প্রতিদিন ডেস্ক জানায়, রাজধানীসহ দেশের বিভিন্ন স্থানে নির্বাচনী প্রচার চলছে। প্রার্থীরা ভোটারদের দ্বারে দ্বারে গিয়ে ভোট চাইছেন। স্থানীয় প্রশাসন আইনশৃঙ্খলা রক্ষায় সতর্ক অবস্থানে রয়েছে। পুলিশ ও র‍্যাব সদস্যরা বিভিন্ন এলাকায় টহল দিচ্ছেন। সাধারণ মানুষ শান্তিপূর্ণ পরিবেশে ভোট দেওয়ার প্রত্যাশা করছেন। নির্বাচন কমিশন জানিয়েছে সব প্রস্তুতি সম্পন্ন হয়েছে।
Government of The People's Republic of Bangladesh
Office of The Director
Chittagong Medical College Hospital
www.cmch.gov.bd
Memo No: CMCH/Tender/2023-2024/Non-MSR (Non-Diet)/ 17	Date: 02-01-2024
e-GP Tender Notice (OTM)
This is an online tender, where only e-tenders will accepted in e-GP portal and no offline/ hard copies will be accepted. To submit e-tender, please register on e-GP system portal (https://www.eprocure.gov.bd). For more details, please contact support desk contact numbers. e-Tender are invited in e-GP system portal (http://www.eprocure.gov.bd) by Brigadier General Md. Shamim Ahsan, Director, Chittagong Medical College Hospital, Chattogram for the Procurement of:
SL. No.	Tender Id	Name of Goods	Tender/ Proposal Last Selling Date & Time	Tender/ Proposal Closing Date & Time	Tender/ Proposal Opening Date & Time
1	920902	Procurement of Minibari & Form Materials for the Fiscal Year 2023-2024	16-Jan-2024 14:00	17-Jan-2024 14:00	17-Jan-2024 14:00
2	920900	Procurement of Cleaning Items for the Fiscal Year 2023-2024	16-Jan-2024 14:00	17-Jan-2024 14:00	17-Jan-2024 14:00
3	920411	Procurement of Other Materials for the Fiscal Year 2023-2024	16-Jan-2024 14:00	17-Jan-2024 14:00	17-Jan-2024 14:00
4	920912	Procurement of Computer Related Accessories for the Fiscal Year 2023-2024	16-Jan-2024 14:00	17-Jan-2024 14:00	17-Jan-2024 14:00
5	920535	Procurement of Full Set Desktop Computer for the Fiscal Year 2023-2024	16-Jan-2024 14:00	17-Jan-2024 14:00	17-Jan-2024 14:00
6	920532	Procurement of IT Camera & Other Materials for the Fiscal Year 2023-2024	16-Jan-2024 14:00	17-Jan-2024 14:00	17-Jan-2024 14:00
For pursue e-Tender details can be downloaded on e-GP system portal (https://www.eprocure.gov.bd), e-tender will be accepted only as stated in above list, no mixed tenders will be opened online as stated in above list.
(Brigadier General Md. Shamim Ahsan)
Director
Chittagong Medical College Hospital
Telephone: +880-2333394991
E-mail: info@hospi.dghs.gov.bd
জি-১২/৭৪ (২০২৪)
